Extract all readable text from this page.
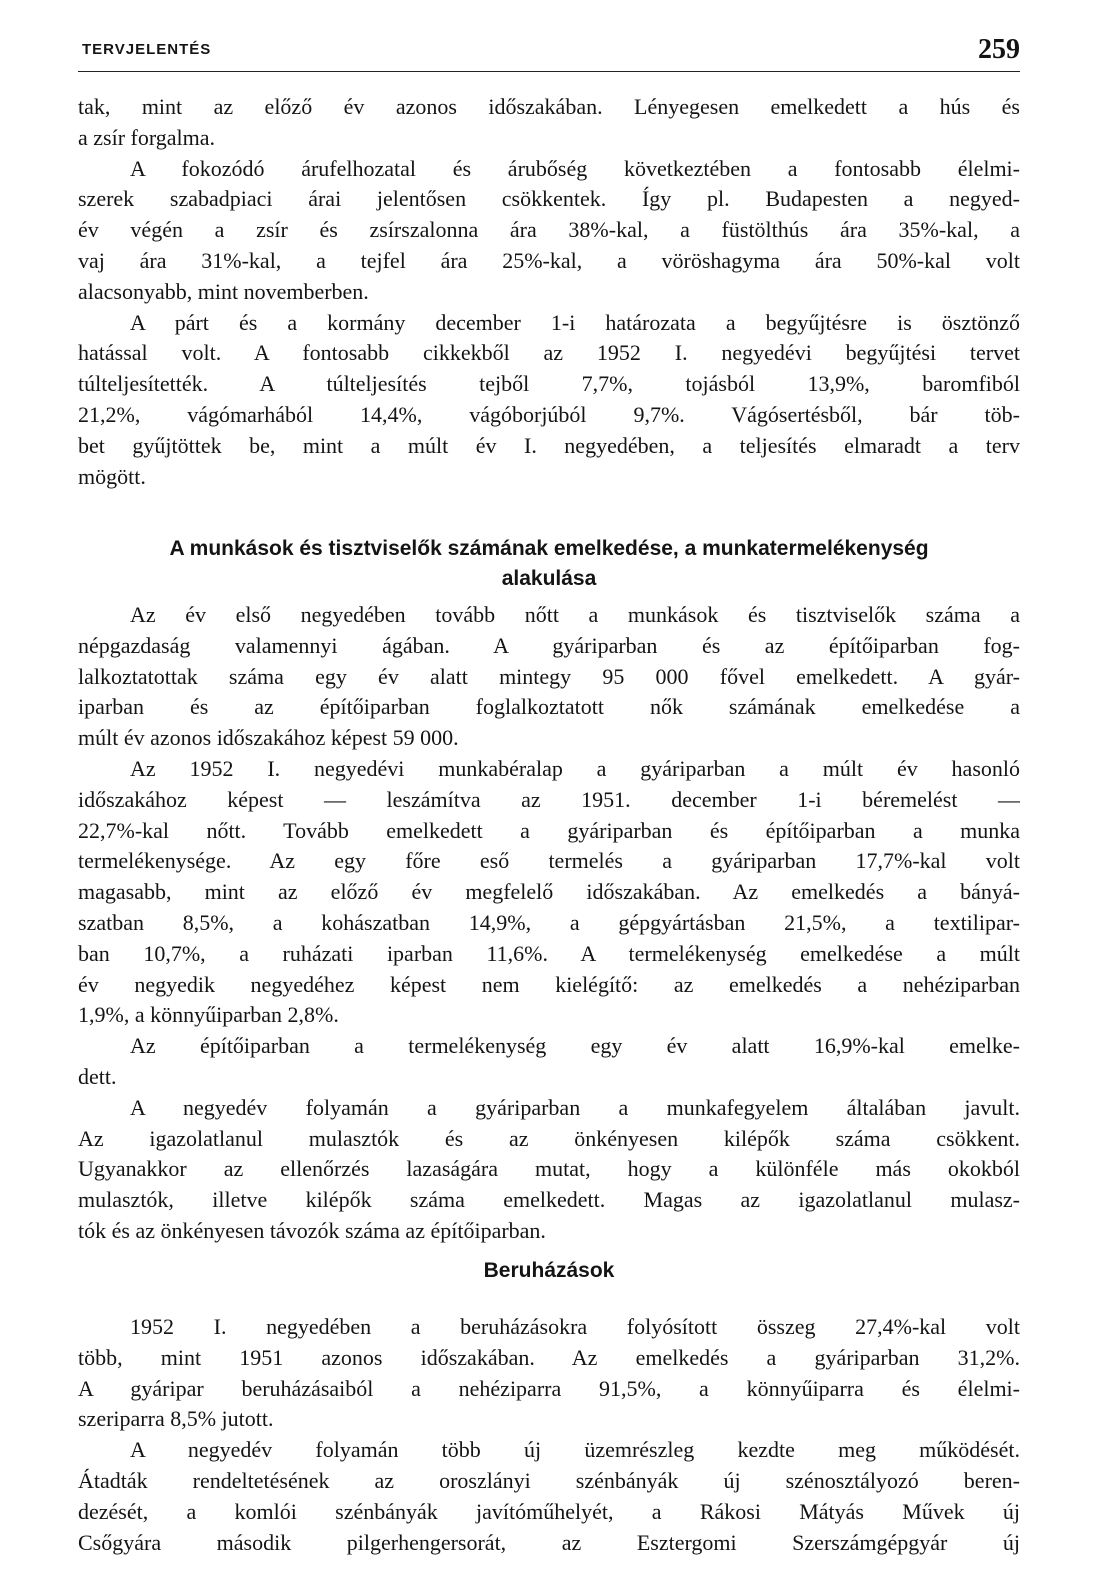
TERVJELENTÉS	259
tak, mint az előző év azonos időszakában. Lényegesen emelkedett a hús és
a zsír forgalma.
A fokozódó árufelhozatal és árubőség következtében a fontosabb élelmi-
szerek szabadpiaci árai jelentősen csökkentek. Így pl. Budapesten a negyed-
év végén a zsír és zsírszalonna ára 38%-kal, a füstölthús ára 35%-kal, a
vaj ára 31%-kal, a tejfel ára 25%-kal, a vöröshagyma ára 50%-kal volt
alacsonyabb, mint novemberben.
A párt és a kormány december 1-i határozata a begyűjtésre is ösztönző
hatással volt. A fontosabb cikkekből az 1952 I. negyedévi begyűjtési tervet
túlteljesítették. A túlteljesítés tejből 7,7%, tojásból 13,9%, baromfiból
21,2%, vágómarhából 14,4%, vágóborjúból 9,7%. Vágósertésből, bár töb-
bet gyűjtöttek be, mint a múlt év I. negyedében, a teljesítés elmaradt a terv
mögött.
A munkások és tisztviselők számának emelkedése, a munkatermelékenység
alakulása
Az év első negyedében tovább nőtt a munkások és tisztviselők száma a
népgazdaság valamennyi ágában. A gyáriparban és az építőiparban fog-
lalkoztatottak száma egy év alatt mintegy 95 000 fővel emelkedett. A gyár-
iparban és az építőiparban foglalkoztatott nők számának emelkedése a
múlt év azonos időszakához képest 59 000.
Az 1952 I. negyedévi munkabéralap a gyáriparban a múlt év hasonló
időszakához képest — leszámítva az 1951. december 1-i béremelést —
22,7%-kal nőtt. Tovább emelkedett a gyáriparban és építőiparban a munka
termelékenysége. Az egy főre eső termelés a gyáriparban 17,7%-kal volt
magasabb, mint az előző év megfelelő időszakában. Az emelkedés a bányá-
szatban 8,5%, a kohászatban 14,9%, a gépgyártásban 21,5%, a textilipar-
ban 10,7%, a ruházati iparban 11,6%. A termelékenység emelkedése a múlt
év negyedik negyedéhez képest nem kielégítő: az emelkedés a nehéziparban
1,9%, a könnyűiparban 2,8%.
Az építőiparban a termelékenység egy év alatt 16,9%-kal emelke-
dett.
A negyedév folyamán a gyáriparban a munkafegyelem általában javult.
Az igazolatlanul mulasztók és az önkényesen kilépők száma csökkent.
Ugyanakkor az ellenőrzés lazaságára mutat, hogy a különféle más okokból
mulasztók, illetve kilépők száma emelkedett. Magas az igazolatlanul mulasz-
tók és az önkényesen távozók száma az építőiparban.
Beruházások
1952 I. negyedében a beruházásokra folyósított összeg 27,4%-kal volt
több, mint 1951 azonos időszakában. Az emelkedés a gyáriparban 31,2%.
A gyáripar beruházásaiból a nehéziparra 91,5%, a könnyűiparra és élelmi-
szeriparra 8,5% jutott.
A negyedév folyamán több új üzemrészleg kezdte meg működését.
Átadták rendeltetésének az oroszlányi szénbányák új szénosztályozó beren-
dezését, a komlói szénbányák javítóműhelyét, a Rákosi Mátyás Művek új
Csőgyára második pilgerhengersorát, az Esztergomi Szerszámgépgyár új
